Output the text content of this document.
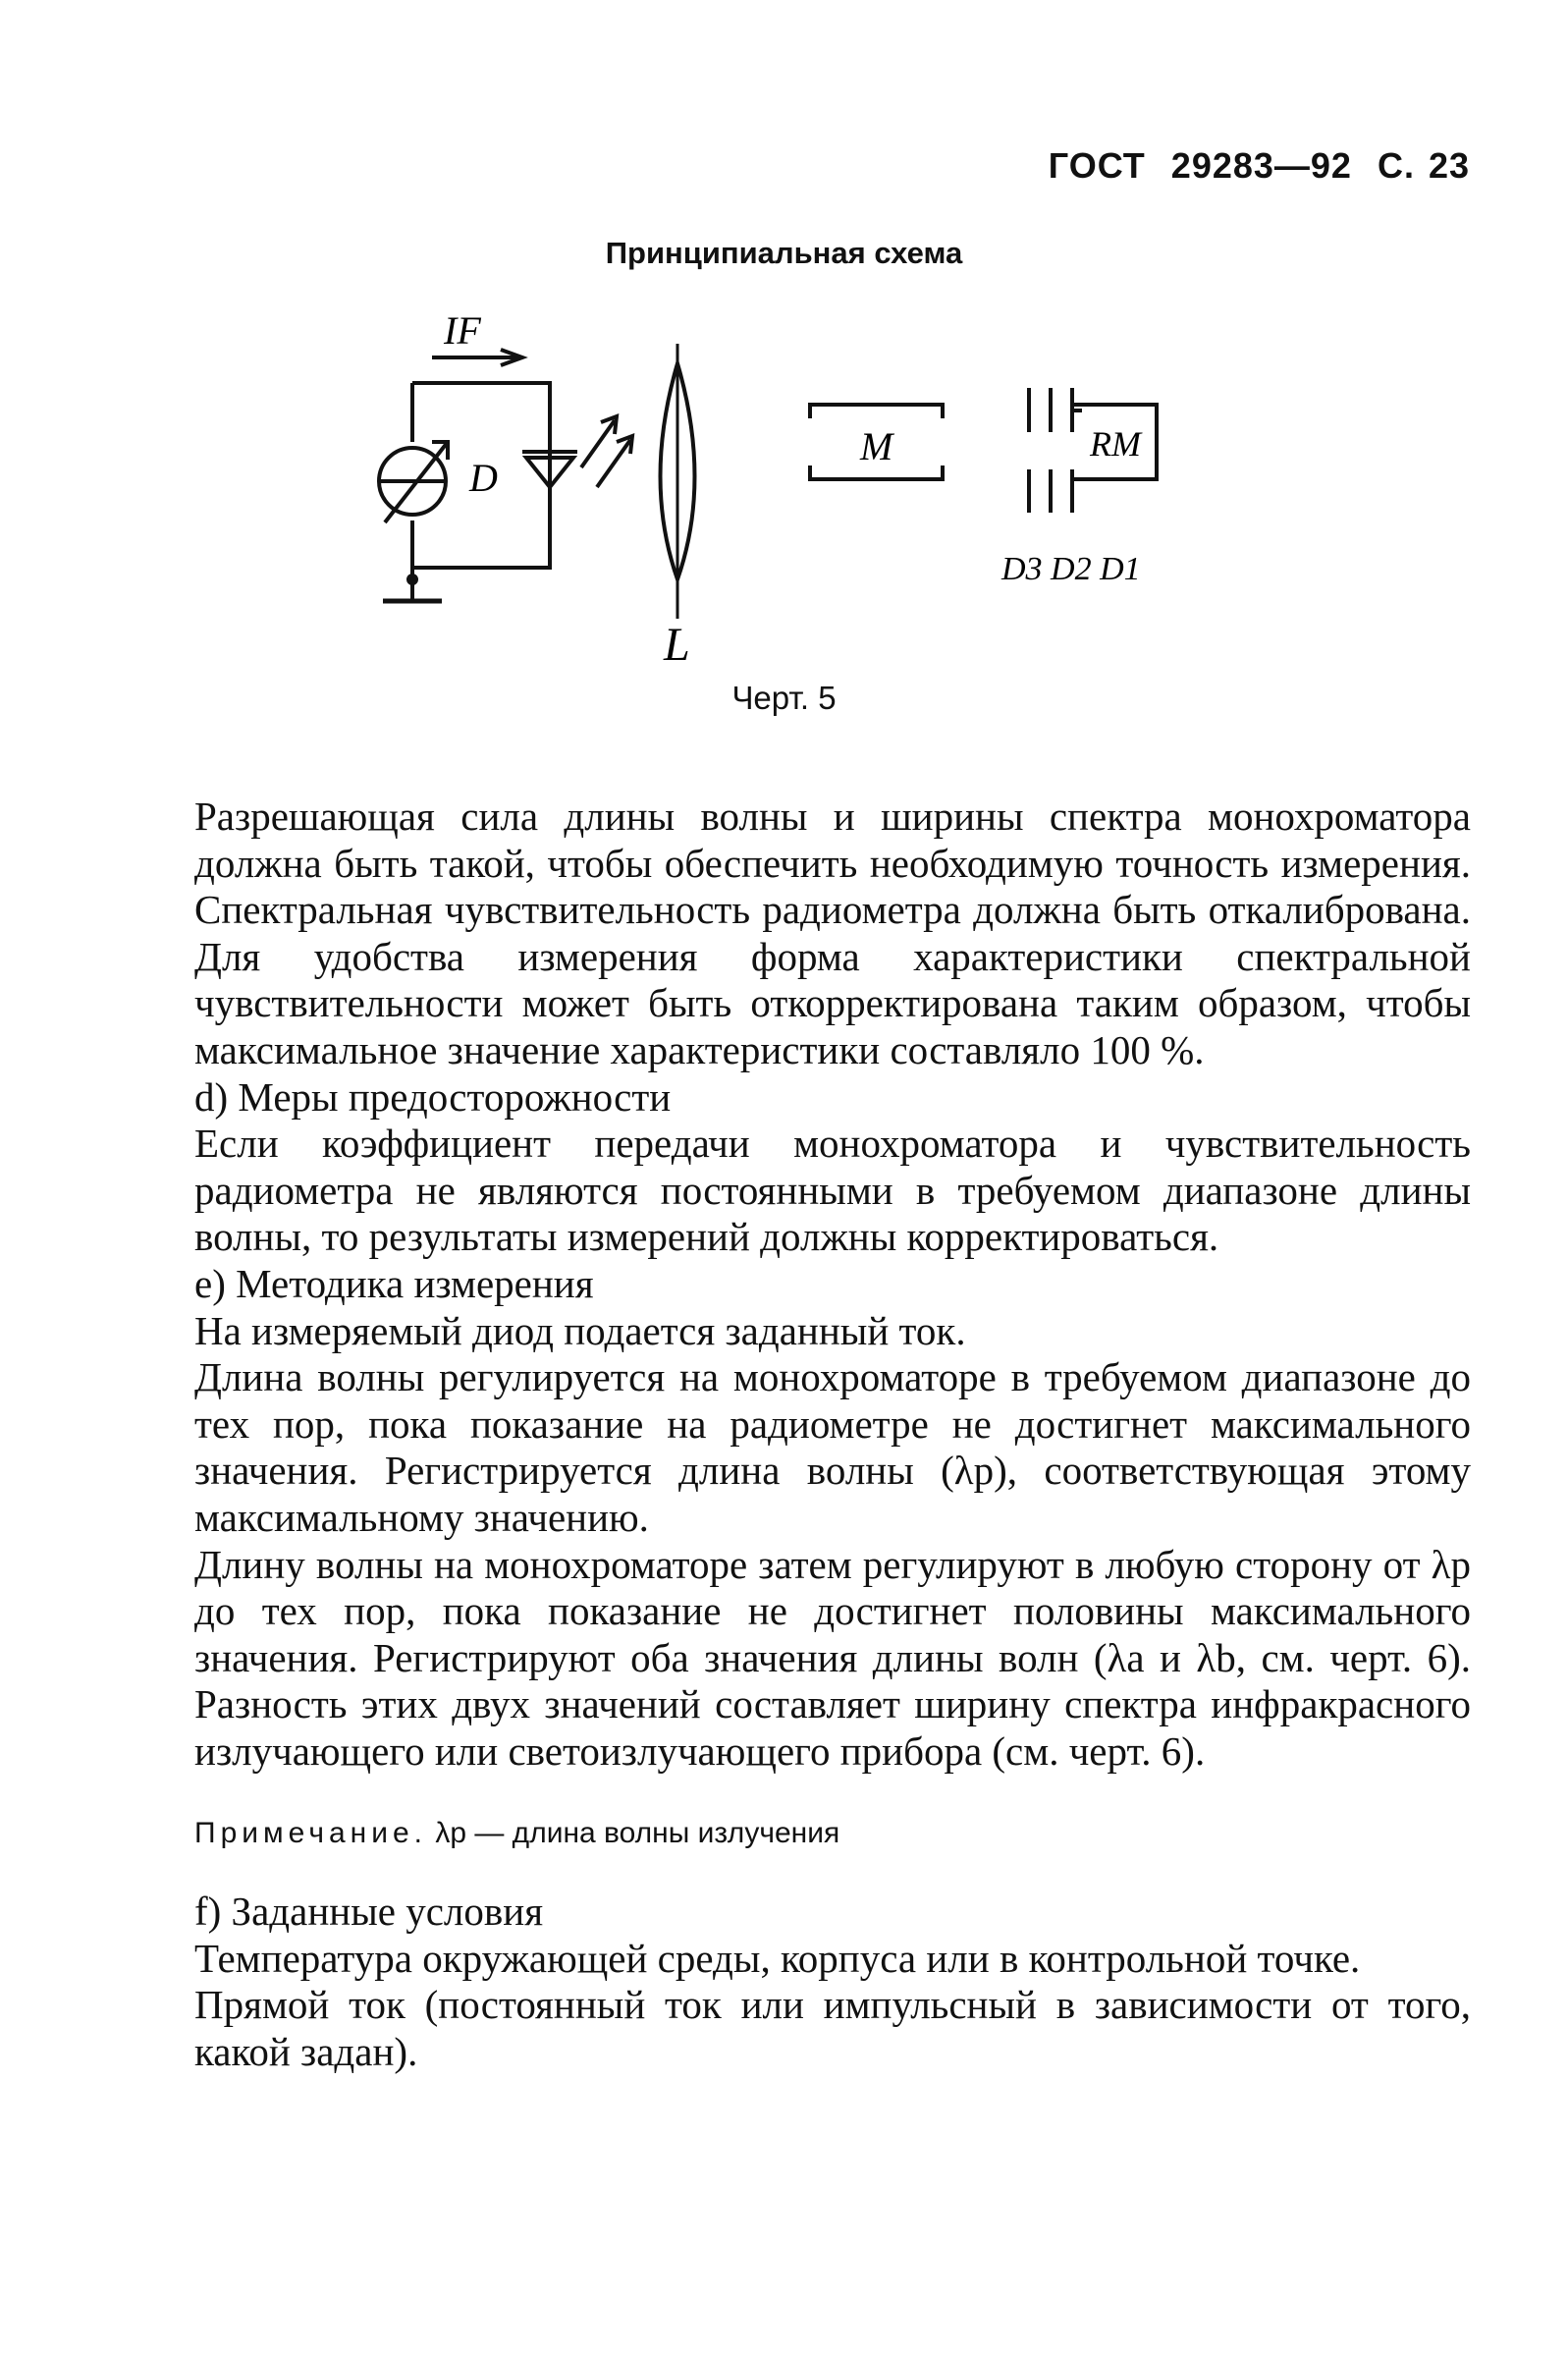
ГОСТ 29283—92 С. 23
Принципиальная схема
IF
D
L
M	RM
D3 D2 D1
Черт. 5

Разрешающая сила длины волны и ширины спектра монохроматора должна быть такой, чтобы обеспечить необходимую точность измерения. Спектральная чувствительность радиометра должна быть откалибрована. Для удобства измерения форма характеристики спектральной чувствительности может быть откорректирована таким образом, чтобы максимальное значение характеристики составляло 100 %.

d) Меры предосторожности

Если коэффициент передачи монохроматора и чувствительность радиометра не являются постоянными в требуемом диапазоне длины волны, то результаты измерений должны корректироваться.

e) Методика измерения

На измеряемый диод подается заданный ток.

Длина волны регулируется на монохроматоре в требуемом диапазоне до тех пор, пока показание на радиометре не достигнет максимального значения. Регистрируется длина волны (λp), соответствующая этому максимальному значению.

Длину волны на монохроматоре затем регулируют в любую сторону от λp до тех пор, пока показание не достигнет половины максимального значения. Регистрируют оба значения длины волн (λa и λb, см. черт. 6). Разность этих двух значений составляет ширину спектра инфракрасного излучающего или светоизлучающего прибора (см. черт. 6).

Примечание. λp — длина волны излучения

f) Заданные условия

Температура окружающей среды, корпуса или в контрольной точке.

Прямой ток (постоянный ток или импульсный в зависимости от того, какой задан).
